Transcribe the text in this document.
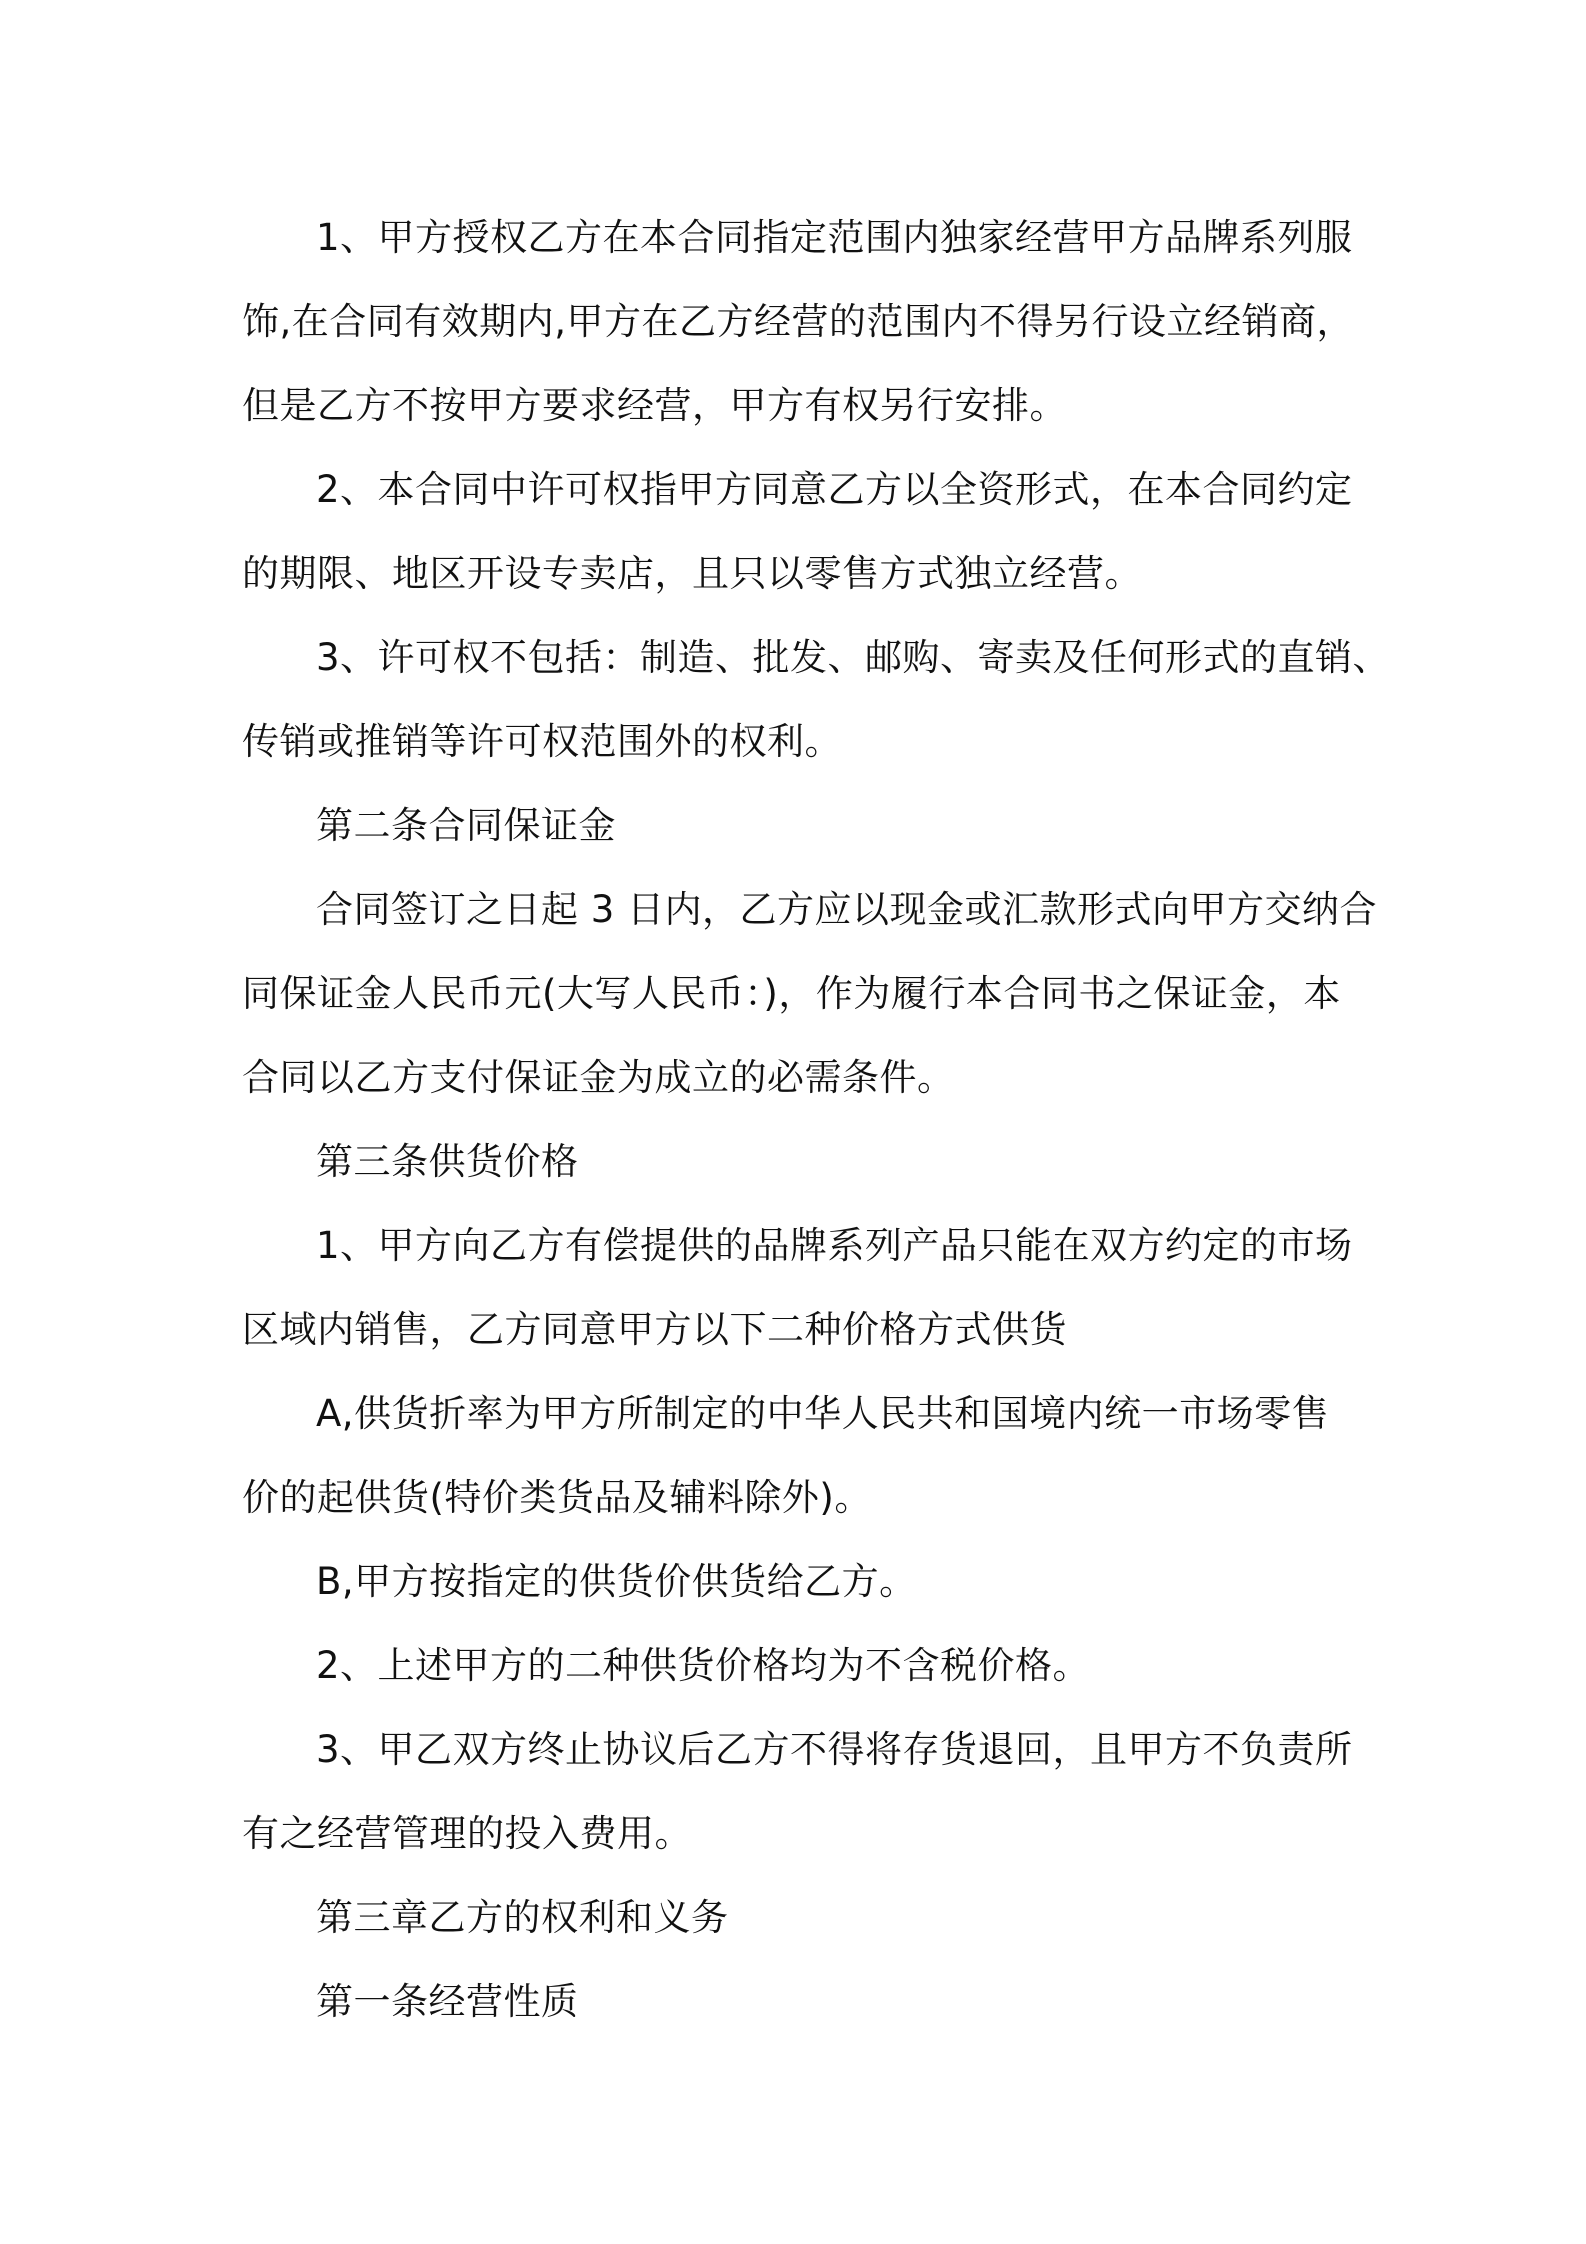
1、甲方授权乙方在本合同指定范围内独家经营甲方品牌系列服
饰,在合同有效期内,甲方在乙方经营的范围内不得另行设立经销商，
但是乙方不按甲方要求经营，甲方有权另行安排。

2、本合同中许可权指甲方同意乙方以全资形式，在本合同约定
的期限、地区开设专卖店，且只以零售方式独立经营。

3、许可权不包括：制造、批发、邮购、寄卖及任何形式的直销、
传销或推销等许可权范围外的权利。

第二条合同保证金

合同签订之日起 3 日内，乙方应以现金或汇款形式向甲方交纳合
同保证金人民币元(大写人民币：)，作为履行本合同书之保证金，本
合同以乙方支付保证金为成立的必需条件。

第三条供货价格

1、甲方向乙方有偿提供的品牌系列产品只能在双方约定的市场
区域内销售，乙方同意甲方以下二种价格方式供货

A,供货折率为甲方所制定的中华人民共和国境内统一市场零售
价的起供货(特价类货品及辅料除外)。

B,甲方按指定的供货价供货给乙方。

2、上述甲方的二种供货价格均为不含税价格。

3、甲乙双方终止协议后乙方不得将存货退回，且甲方不负责所
有之经营管理的投入费用。

第三章乙方的权利和义务

第一条经营性质
